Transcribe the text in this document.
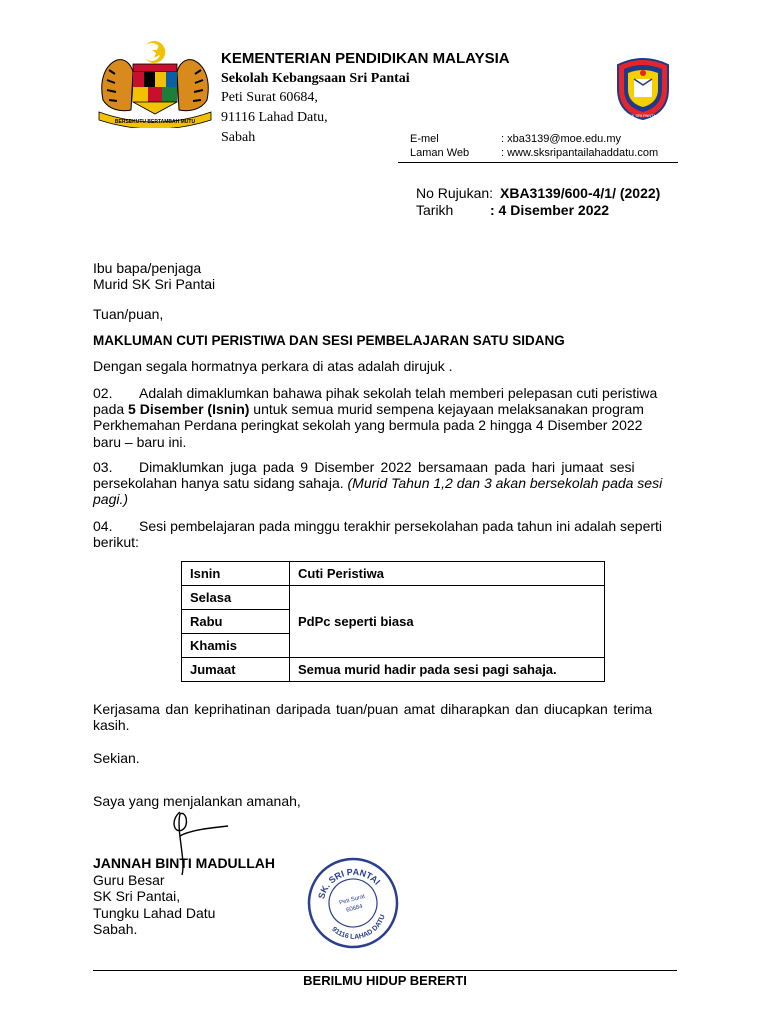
BERSEKUTU BERTAMBAH MUTU
KEMENTERIAN PENDIDIKAN MALAYSIA
Sekolah Kebangsaan Sri Pantai
Peti Surat 60684,
91116 Lahad Datu,
Sabah	E-mel	: xba3139@moe.edu.my
Laman Web	: www.sksripantailahaddatu.com
SK SRI PANTAI
No Rujukan: XBA3139/600-4/1/ (2022)
Tarikh	: 4 Disember 2022
Ibu bapa/penjaga
Murid SK Sri Pantai
Tuan/puan,
MAKLUMAN CUTI PERISTIWA DAN SESI PEMBELAJARAN SATU SIDANG
Dengan segala hormatnya perkara di atas adalah dirujuk .
02. Adalah dimaklumkan bahawa pihak sekolah telah memberi pelepasan cuti peristiwa
pada 5 Disember (Isnin) untuk semua murid sempena kejayaan melaksanakan program
Perkhemahan Perdana peringkat sekolah yang bermula pada 2 hingga 4 Disember 2022
baru – baru ini.
03. Dimaklumkan juga pada 9 Disember 2022 bersamaan pada hari jumaat sesi
persekolahan hanya satu sidang sahaja. (Murid Tahun 1,2 dan 3 akan bersekolah pada sesi
pagi.)
04. Sesi pembelajaran pada minggu terakhir persekolahan pada tahun ini adalah seperti
berikut:
Isnin	Cuti Peristiwa
Selasa	PdPc seperti biasa
Rabu	
Khamis	
Jumaat	Semua murid hadir pada sesi pagi sahaja.
Kerjasama dan keprihatinan daripada tuan/puan amat diharapkan dan diucapkan terima
kasih.
Sekian.
Saya yang menjalankan amanah,
JANNAH BINTI MADULLAH
Guru Besar
SK Sri Pantai,
Tungku Lahad Datu
Sabah.
SK. SRI PANTAI
91116 LAHAD DATU
Peti Surat
60684
BERILMU HIDUP BERERTI
